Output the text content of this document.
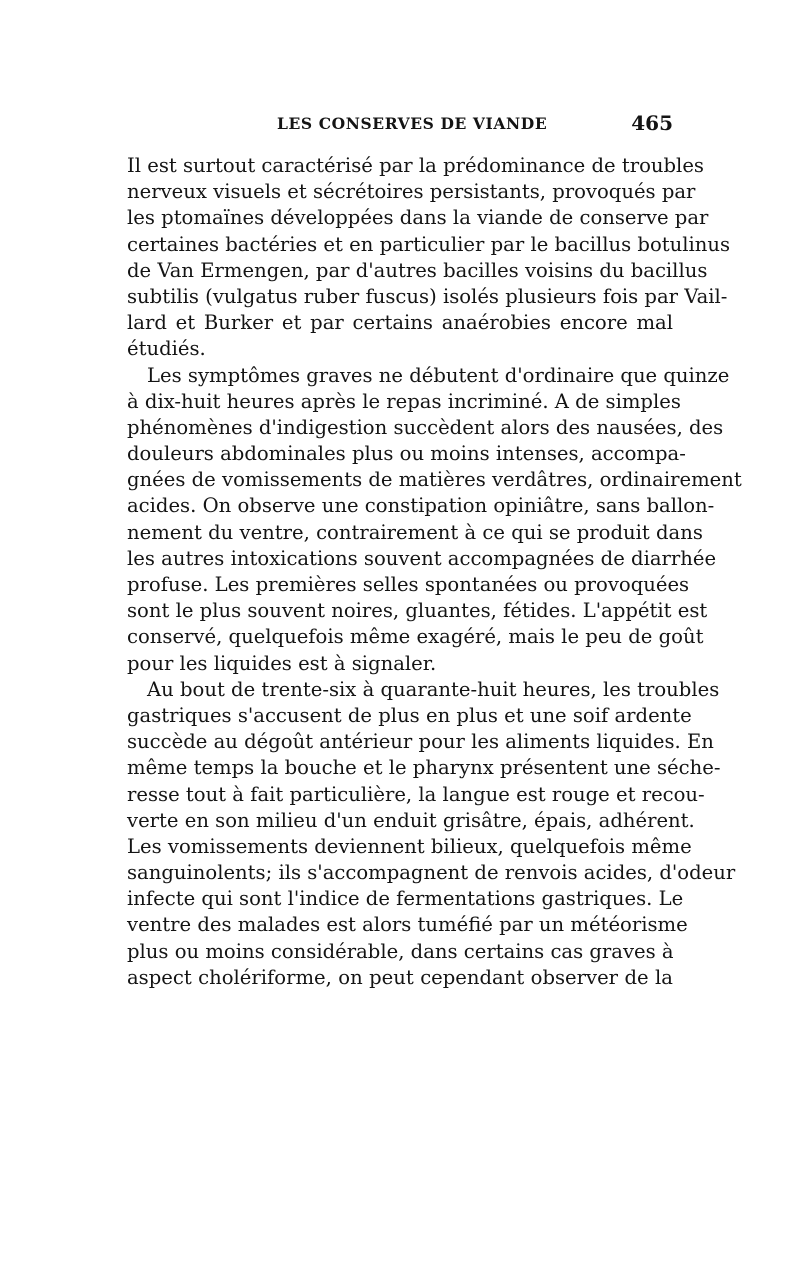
LES CONSERVES DE VIANDE	465
Il est surtout caractérisé par la prédominance de troubles
nerveux visuels et sécrétoires persistants, provoqués par
les ptomaïnes développées dans la viande de conserve par
certaines bactéries et en particulier par le bacillus botulinus
de Van Ermengen, par d'autres bacilles voisins du bacillus
subtilis (vulgatus ruber fuscus) isolés plusieurs fois par Vail-
lard et Burker et par certains anaérobies encore mal
étudiés.
Les symptômes graves ne débutent d'ordinaire que quinze
à dix-huit heures après le repas incriminé. A de simples
phénomènes d'indigestion succèdent alors des nausées, des
douleurs abdominales plus ou moins intenses, accompa-
gnées de vomissements de matières verdâtres, ordinairement
acides. On observe une constipation opiniâtre, sans ballon-
nement du ventre, contrairement à ce qui se produit dans
les autres intoxications souvent accompagnées de diarrhée
profuse. Les premières selles spontanées ou provoquées
sont le plus souvent noires, gluantes, fétides. L'appétit est
conservé, quelquefois même exagéré, mais le peu de goût
pour les liquides est à signaler.
Au bout de trente-six à quarante-huit heures, les troubles
gastriques s'accusent de plus en plus et une soif ardente
succède au dégoût antérieur pour les aliments liquides. En
même temps la bouche et le pharynx présentent une séche-
resse tout à fait particulière, la langue est rouge et recou-
verte en son milieu d'un enduit grisâtre, épais, adhérent.
Les vomissements deviennent bilieux, quelquefois même
sanguinolents; ils s'accompagnent de renvois acides, d'odeur
infecte qui sont l'indice de fermentations gastriques. Le
ventre des malades est alors tuméfié par un météorisme
plus ou moins considérable, dans certains cas graves à
aspect cholériforme, on peut cependant observer de la
